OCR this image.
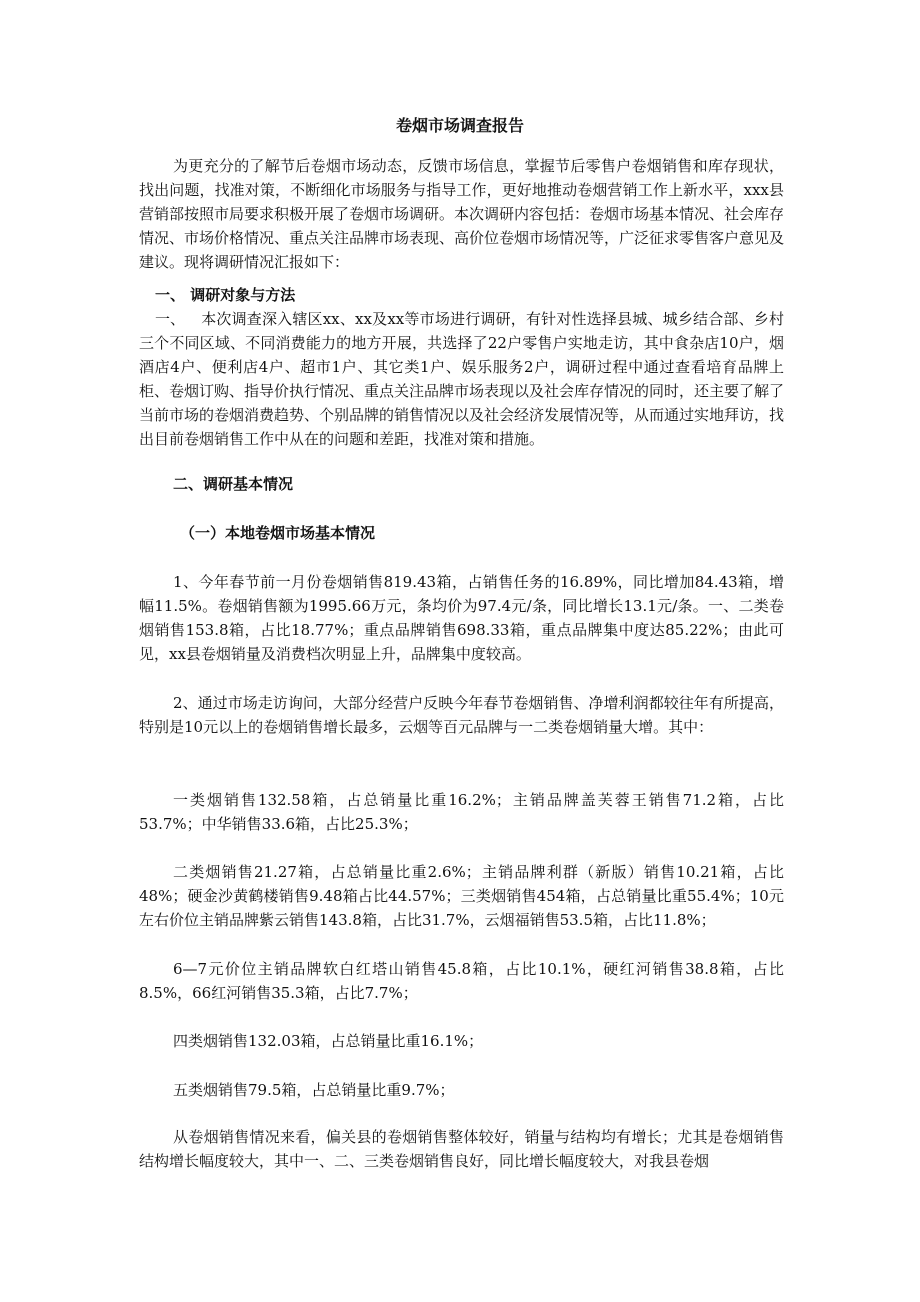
卷烟市场调查报告

为更充分的了解节后卷烟市场动态，反馈市场信息，掌握节后零售户卷烟销售和库存现状，找出问题，找准对策，不断细化市场服务与指导工作，更好地推动卷烟营销工作上新水平，xxx县营销部按照市局要求积极开展了卷烟市场调研。本次调研内容包括：卷烟市场基本情况、社会库存情况、市场价格情况、重点关注品牌市场表现、高价位卷烟市场情况等，广泛征求零售客户意见及建议。现将调研情况汇报如下：

一、 调研对象与方法

一、 本次调查深入辖区xx、xx及xx等市场进行调研，有针对性选择县城、城乡结合部、乡村三个不同区域、不同消费能力的地方开展，共选择了22户零售户实地走访，其中食杂店10户，烟酒店4户、便利店4户、超市1户、其它类1户、娱乐服务2户，调研过程中通过查看培育品牌上柜、卷烟订购、指导价执行情况、重点关注品牌市场表现以及社会库存情况的同时，还主要了解了当前市场的卷烟消费趋势、个别品牌的销售情况以及社会经济发展情况等，从而通过实地拜访，找出目前卷烟销售工作中从在的问题和差距，找准对策和措施。

二、调研基本情况
（一）本地卷烟市场基本情况

1、今年春节前一月份卷烟销售819.43箱，占销售任务的16.89%，同比增加84.43箱，增幅11.5%。卷烟销售额为1995.66万元，条均价为97.4元/条，同比增长13.1元/条。一、二类卷烟销售153.8箱，占比18.77%；重点品牌销售698.33箱，重点品牌集中度达85.22%；由此可见，xx县卷烟销量及消费档次明显上升，品牌集中度较高。

2、通过市场走访询问，大部分经营户反映今年春节卷烟销售、净增利润都较往年有所提高，特别是10元以上的卷烟销售增长最多，云烟等百元品牌与一二类卷烟销量大增。其中：

一类烟销售132.58箱，占总销量比重16.2%；主销品牌盖芙蓉王销售71.2箱，占比53.7%；中华销售33.6箱，占比25.3%；

二类烟销售21.27箱，占总销量比重2.6%；主销品牌利群（新版）销售10.21箱，占比48%；硬金沙黄鹤楼销售9.48箱占比44.57%；三类烟销售454箱，占总销量比重55.4%；10元左右价位主销品牌紫云销售143.8箱，占比31.7%，云烟福销售53.5箱，占比11.8%；

6—7元价位主销品牌软白红塔山销售45.8箱，占比10.1%，硬红河销售38.8箱，占比8.5%，66红河销售35.3箱，占比7.7%；

四类烟销售132.03箱，占总销量比重16.1%；

五类烟销售79.5箱，占总销量比重9.7%；

从卷烟销售情况来看，偏关县的卷烟销售整体较好，销量与结构均有增长；尤其是卷烟销售结构增长幅度较大，其中一、二、三类卷烟销售良好，同比增长幅度较大，对我县卷烟
